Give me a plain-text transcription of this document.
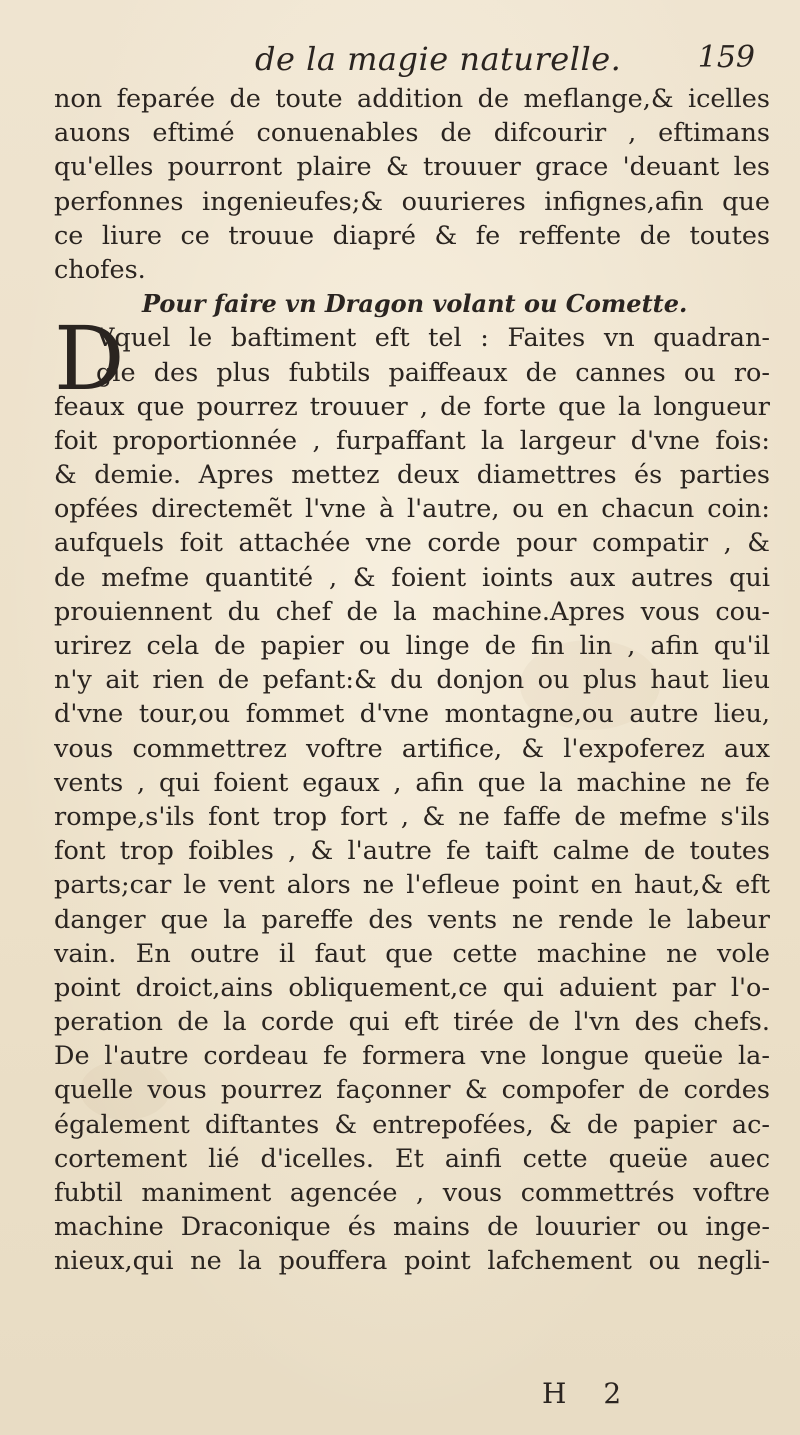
de la magie naturelle.	159
non feparée de toute addition de meflange,& icelles
auons eftimé conuenables de difcourir , eftimans
qu'elles pourront plaire & trouuer grace 'deuant les
perfonnes ingenieufes;& ouurieres infignes,afin que
ce liure ce trouue diapré & fe reffente de toutes
chofes.
Pour faire vn Dragon volant ou Comette.
D
Vquel le baftiment eft tel : Faites vn quadran-
gle des plus fubtils paiffeaux de cannes ou ro-
feaux que pourrez trouuer , de forte que la longueur
foit proportionnée , furpaffant la largeur d'vne fois:
& demie. Apres mettez deux diamettres és parties
opfées directemẽt l'vne à l'autre, ou en chacun coin:
aufquels foit attachée vne corde pour compatir , &
de mefme quantité , & foient ioints aux autres qui
prouiennent du chef de la machine.Apres vous cou-
urirez cela de papier ou linge de fin lin , afin qu'il
n'y ait rien de pefant:& du donjon ou plus haut lieu
d'vne tour,ou fommet d'vne montagne,ou autre lieu,
vous commettrez voftre artifice, & l'expoferez aux
vents , qui foient egaux , afin que la machine ne fe
rompe,s'ils font trop fort , & ne faffe de mefme s'ils
font trop foibles , & l'autre fe taift calme de toutes
parts;car le vent alors ne l'efleue point en haut,& eft
danger que la pareffe des vents ne rende le labeur
vain. En outre il faut que cette machine ne vole
point droict,ains obliquement,ce qui aduient par l'o-
peration de la corde qui eft tirée de l'vn des chefs.
De l'autre cordeau fe formera vne longue queüe la-
quelle vous pourrez façonner & compofer de cordes
également diftantes & entrepofées, & de papier ac-
cortement lié d'icelles. Et ainfi cette queüe auec
fubtil maniment agencée , vous commettrés voftre
machine Draconique és mains de louurier ou inge-
nieux,qui ne la pouffera point lafchement ou negli-
H 2
